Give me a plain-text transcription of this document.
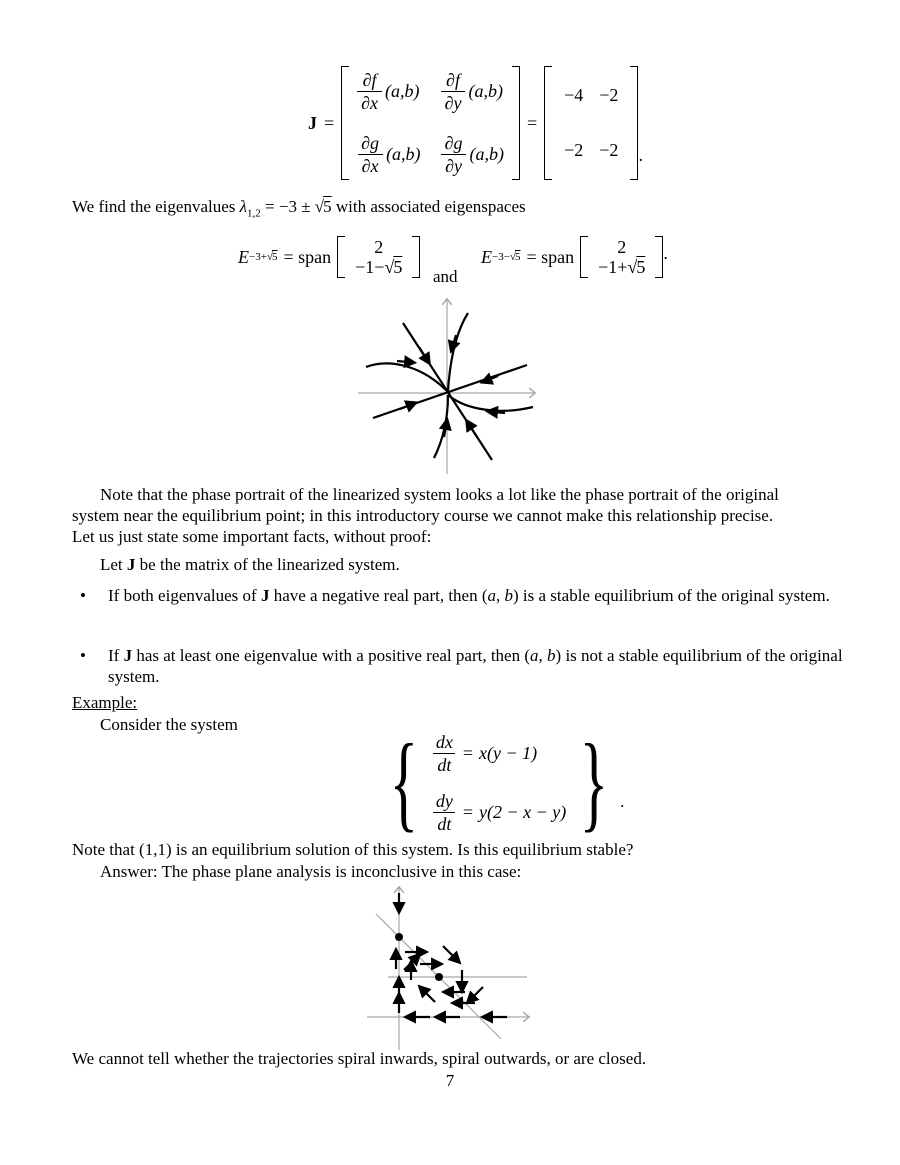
J =
$\frac{\partial f}{\partial x} (a,b) \frac{\partial f}{\partial y} (a,b)$
$\frac{\partial g}{\partial x} (a,b) \frac{\partial g}{\partial y} (a,b)$
=
−4 −2
−2 −2 .
We find the eigenvalues $\lambda_{1,2} = -3 \pm √5$ with associated eigenspaces
E −3+√5 = span 2
−1−√5 and
E −3−√5 = span 2
−1+√5
.
Note that the phase portrait of the linearized system looks a lot like the phase portrait of the original
system near the equilibrium point; in this introductory course we cannot make this relationship precise.
Let us just state some important facts, without proof:
Let J be the matrix of the linearized system.
•	If both eigenvalues of J have a negative real part, then (a, b) is a stable equilibrium of the original system.
•	If J has at least one eigenvalue with a positive real part, then (a, b) is not a stable equilibrium of the original system.
Example:
Consider the system { $\frac{dx}{dt} = x(y - 1)$
$\frac{dy}{dt} = y(2 - x - y)$ } .
Note that (1,1) is an equilibrium solution of this system. Is this equilibrium stable?
Answer: The phase plane analysis is inconclusive in this case:
We cannot tell whether the trajectories spiral inwards, spiral outwards, or are closed.
7
